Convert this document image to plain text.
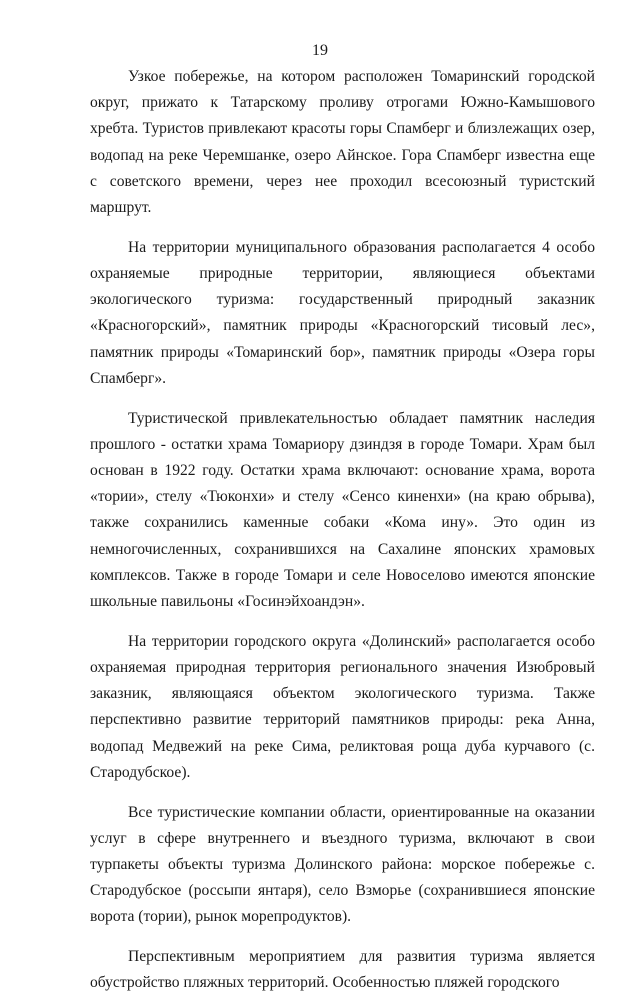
19

Узкое побережье, на котором расположен Томаринский городской округ, прижато к Татарскому проливу отрогами Южно-Камышового хребта. Туристов привлекают красоты горы Спамберг и близлежащих озер, водопад на реке Черемшанке, озеро Айнское. Гора Спамберг известна еще с советского времени, через нее проходил всесоюзный туристский маршрут.

На территории муниципального образования располагается 4 особо охраняемые природные территории, являющиеся объектами экологического туризма: государственный природный заказник «Красногорский», памятник природы «Красногорский тисовый лес», памятник природы «Томаринский бор», памятник природы «Озера горы Спамберг».

Туристической привлекательностью обладает памятник наследия прошлого - остатки храма Томариору дзиндзя в городе Томари. Храм был основан в 1922 году. Остатки храма включают: основание храма, ворота «тории», стелу «Тюконхи» и стелу «Сенсо киненхи» (на краю обрыва), также сохранились каменные собаки «Кома ину». Это один из немногочисленных, сохранившихся на Сахалине японских храмовых комплексов. Также в городе Томари и селе Новоселово имеются японские школьные павильоны «Госинэйхоандэн».

На территории городского округа «Долинский» располагается особо охраняемая природная территория регионального значения Изюбровый заказник, являющаяся объектом экологического туризма. Также перспективно развитие территорий памятников природы: река Анна, водопад Медвежий на реке Сима, реликтовая роща дуба курчавого (с. Стародубское).

Все туристические компании области, ориентированные на оказании услуг в сфере внутреннего и въездного туризма, включают в свои турпакеты объекты туризма Долинского района: морское побережье с. Стародубское (россыпи янтаря), село Взморье (сохранившиеся японские ворота (тории), рынок морепродуктов).

Перспективным мероприятием для развития туризма является обустройство пляжных территорий. Особенностью пляжей городского
